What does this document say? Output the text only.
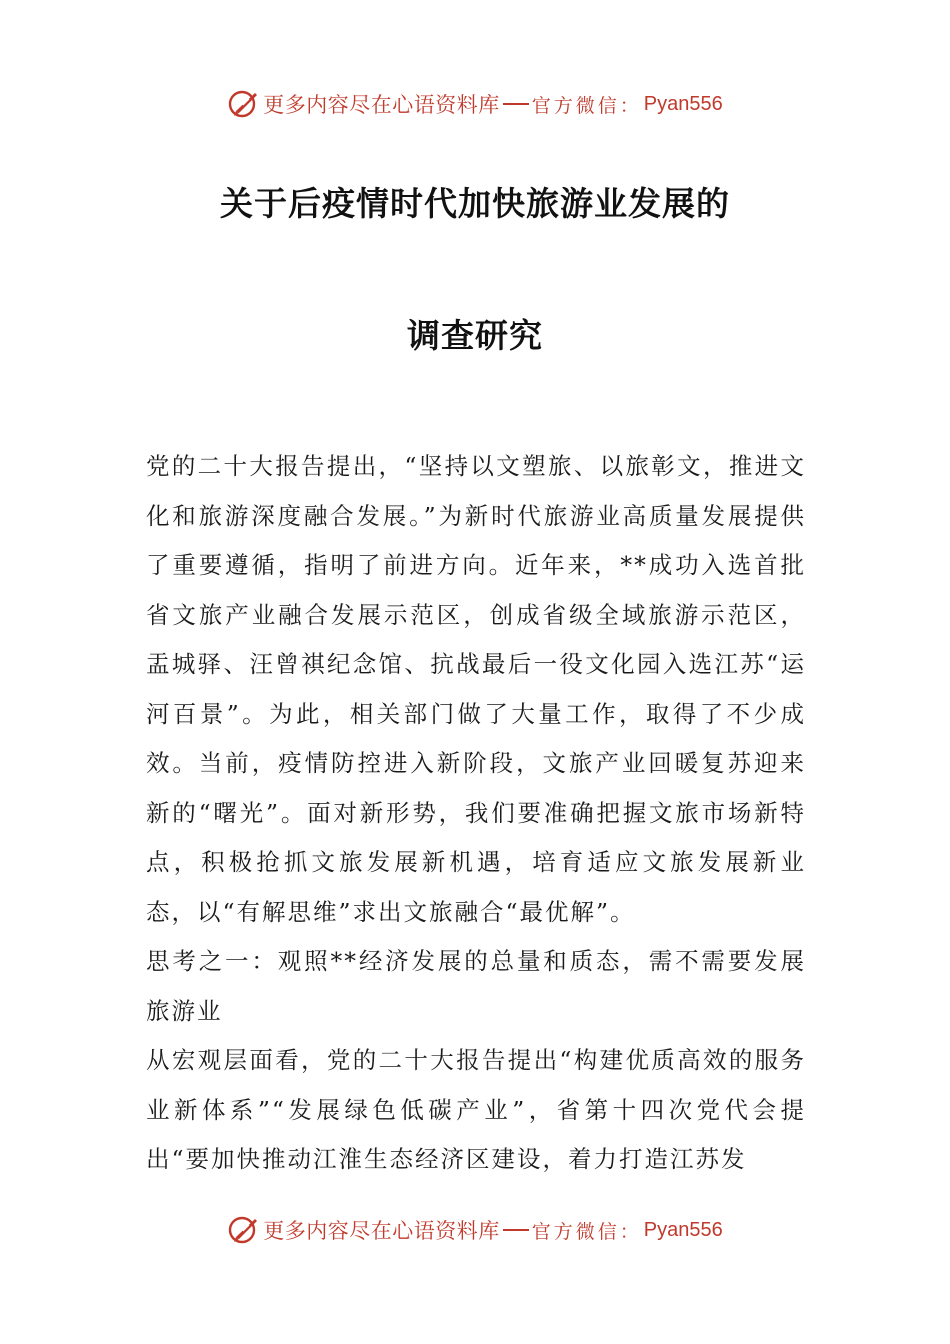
更多内容尽在心语资料库 官方微信： Pyan556
关于后疫情时代加快旅游业发展的
调查研究

党的二十大报告提出，“坚持以文塑旅、以旅彰文，推进文化和旅游深度融合发展。”为新时代旅游业高质量发展提供了重要遵循，指明了前进方向。近年来，**成功入选首批省文旅产业融合发展示范区，创成省级全域旅游示范区，盂城驿、汪曾祺纪念馆、抗战最后一役文化园入选江苏“运河百景”。为此，相关部门做了大量工作，取得了不少成效。当前，疫情防控进入新阶段，文旅产业回暖复苏迎来新的“曙光”。面对新形势，我们要准确把握文旅市场新特点，积极抢抓文旅发展新机遇，培育适应文旅发展新业态，以“有解思维”求出文旅融合“最优解”。

思考之一：观照**经济发展的总量和质态，需不需要发展旅游业

从宏观层面看，党的二十大报告提出“构建优质高效的服务业新体系”“发展绿色低碳产业”，省第十四次党代会提出“要加快推动江淮生态经济区建设，着力打造江苏发

更多内容尽在心语资料库 官方微信： Pyan556
